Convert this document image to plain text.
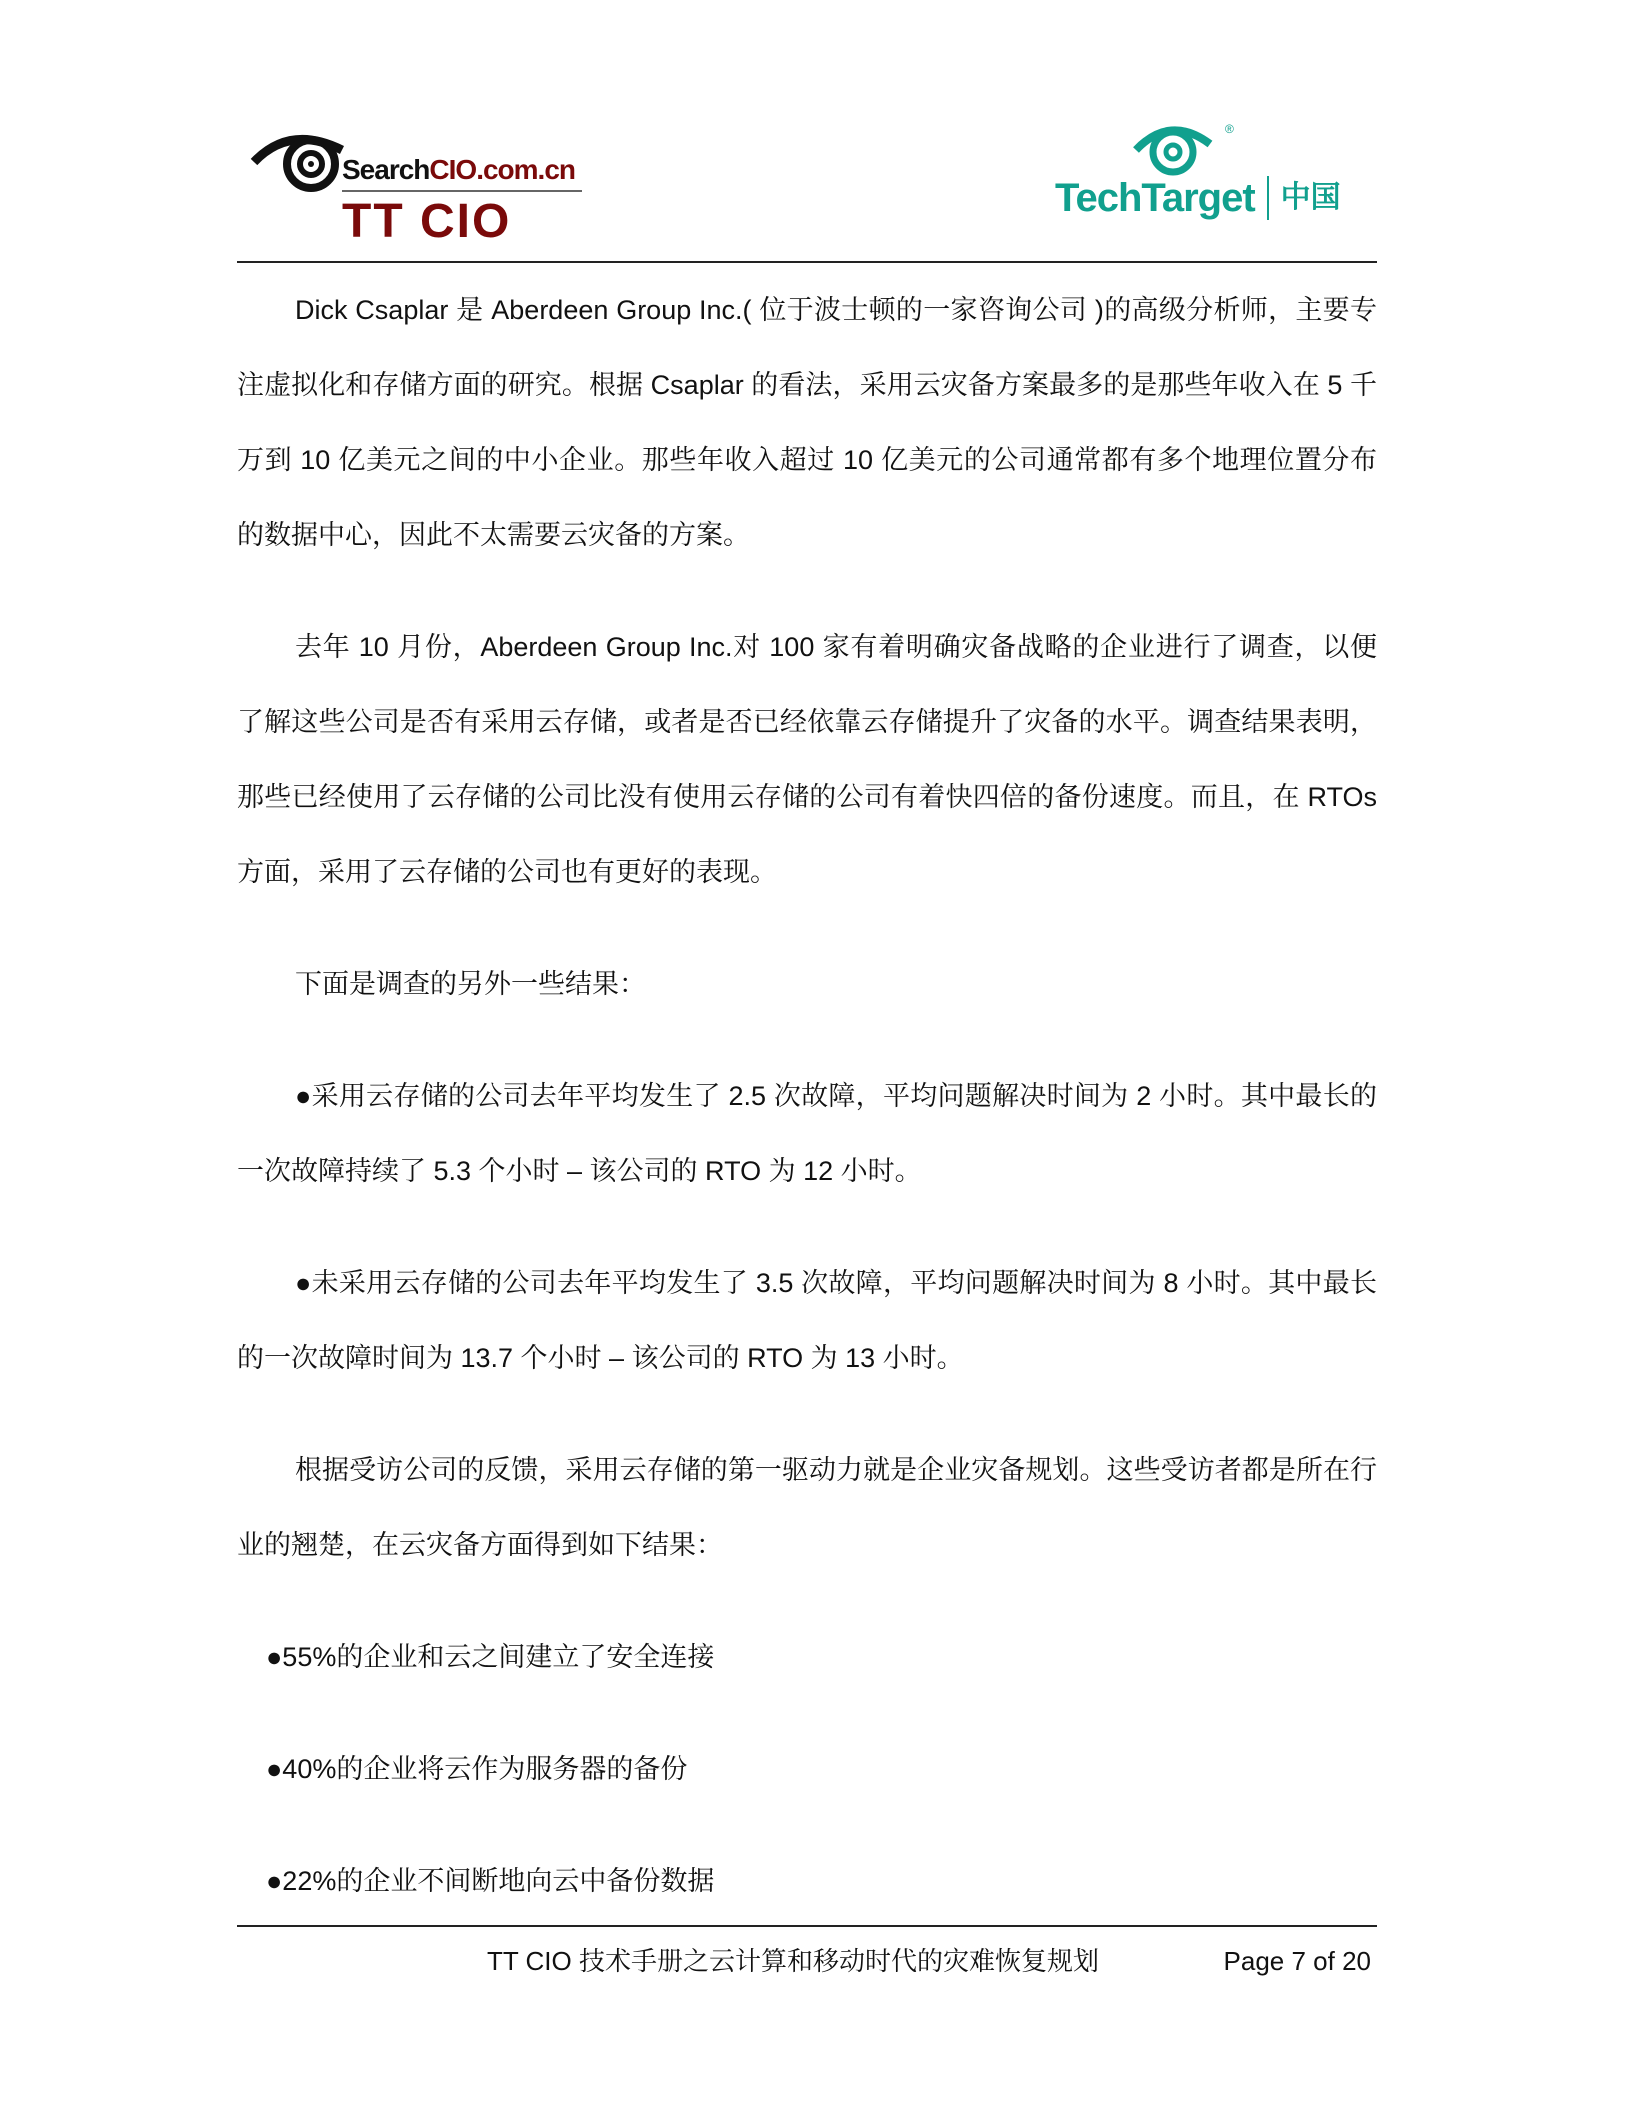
SearchCIO.com.cn
TT CIO
®
TechTarget 中国

Dick Csaplar 是 Aberdeen Group Inc.( 位于波士顿的一家咨询公司 )的高级分析师，主要专注虚拟化和存储方面的研究。根据 Csaplar 的看法，采用云灾备方案最多的是那些年收入在 5 千万到 10 亿美元之间的中小企业。那些年收入超过 10 亿美元的公司通常都有多个地理位置分布的数据中心，因此不太需要云灾备的方案。

去年 10 月份，Aberdeen Group Inc.对 100 家有着明确灾备战略的企业进行了调查，以便了解这些公司是否有采用云存储，或者是否已经依靠云存储提升了灾备的水平。调查结果表明，那些已经使用了云存储的公司比没有使用云存储的公司有着快四倍的备份速度。而且，在 RTOs 方面，采用了云存储的公司也有更好的表现。

下面是调查的另外一些结果：

●采用云存储的公司去年平均发生了 2.5 次故障，平均问题解决时间为 2 小时。其中最长的一次故障持续了 5.3 个小时 – 该公司的 RTO 为 12 小时。

●未采用云存储的公司去年平均发生了 3.5 次故障，平均问题解决时间为 8 小时。其中最长的一次故障时间为 13.7 个小时 – 该公司的 RTO 为 13 小时。

根据受访公司的反馈，采用云存储的第一驱动力就是企业灾备规划。这些受访者都是所在行业的翘楚，在云灾备方面得到如下结果：

●55%的企业和云之间建立了安全连接
●40%的企业将云作为服务器的备份
●22%的企业不间断地向云中备份数据
TT CIO 技术手册之云计算和移动时代的灾难恢复规划	Page 7 of 20
